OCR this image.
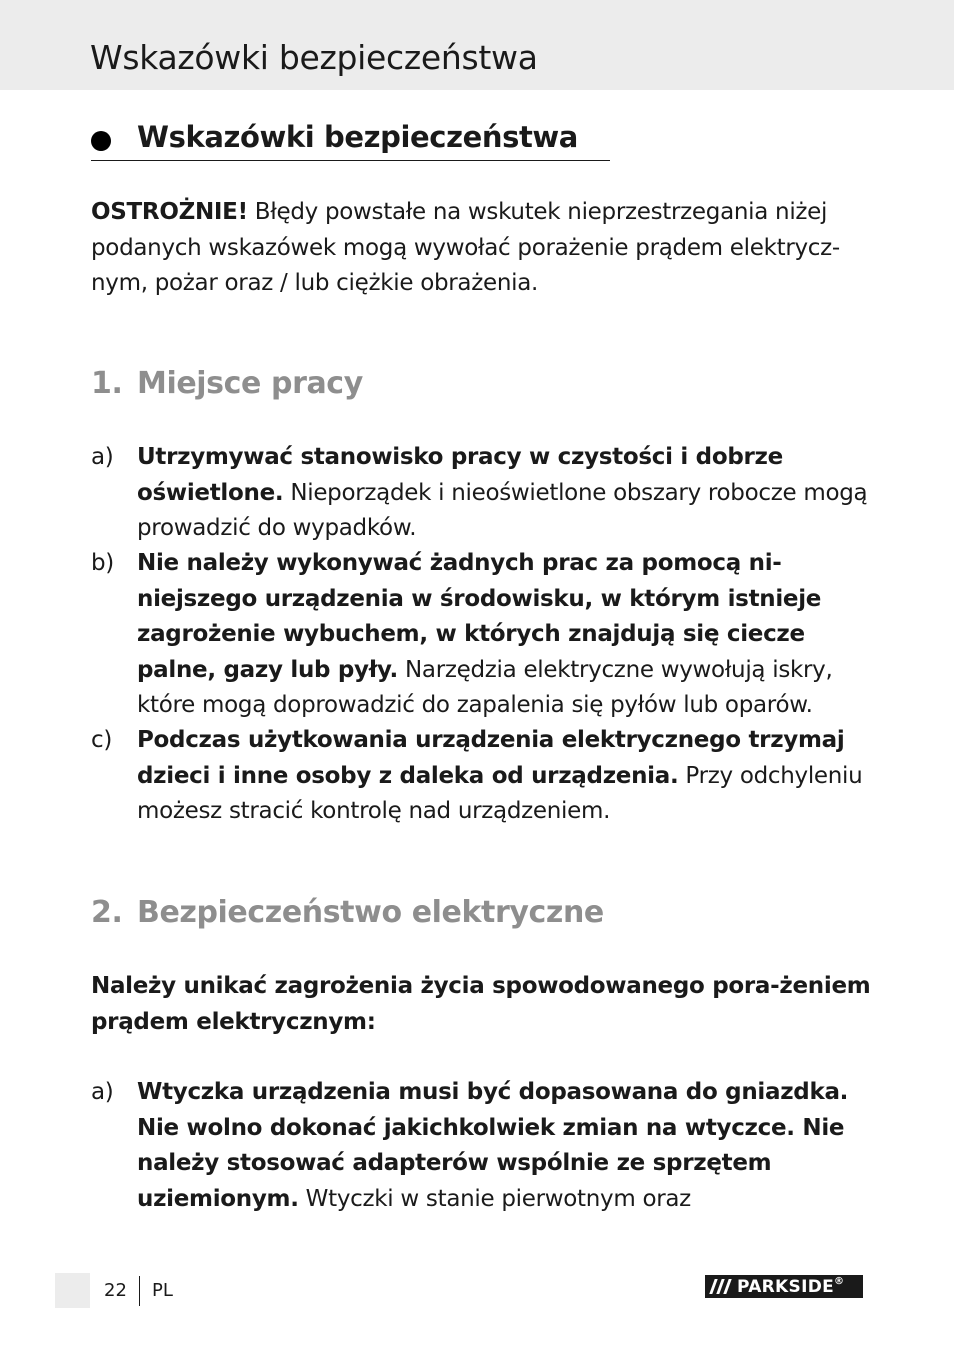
Wskazówki bezpieczeństwa
Wskazówki bezpieczeństwa
OSTROŻNIE! Błędy powstałe na wskutek nieprzestrzegania niżej podanych wskazówek mogą wywołać porażenie prądem elektrycz-nym, pożar oraz / lub ciężkie obrażenia.
1. Miejsce pracy
a)	Utrzymywać stanowisko pracy w czystości i dobrze oświetlone. Nieporządek i nieoświetlone obszary robocze mogą prowadzić do wypadków.
b)	Nie należy wykonywać żadnych prac za pomocą ni-niejszego urządzenia w środowisku, w którym istnieje zagrożenie wybuchem, w których znajdują się ciecze palne, gazy lub pyły. Narzędzia elektryczne wywołują iskry, które mogą doprowadzić do zapalenia się pyłów lub oparów.
c)	Podczas użytkowania urządzenia elektrycznego trzymaj dzieci i inne osoby z daleka od urządzenia. Przy odchyleniu możesz stracić kontrolę nad urządzeniem.
2. Bezpieczeństwo elektryczne
Należy unikać zagrożenia życia spowodowanego pora-żeniem prądem elektrycznym:
a)	Wtyczka urządzenia musi być dopasowana do gniazdka. Nie wolno dokonać jakichkolwiek zmian na wtyczce. Nie należy stosować adapterów wspólnie ze sprzętem uziemionym. Wtyczki w stanie pierwotnym oraz
22 PL	PARKSIDE ®
